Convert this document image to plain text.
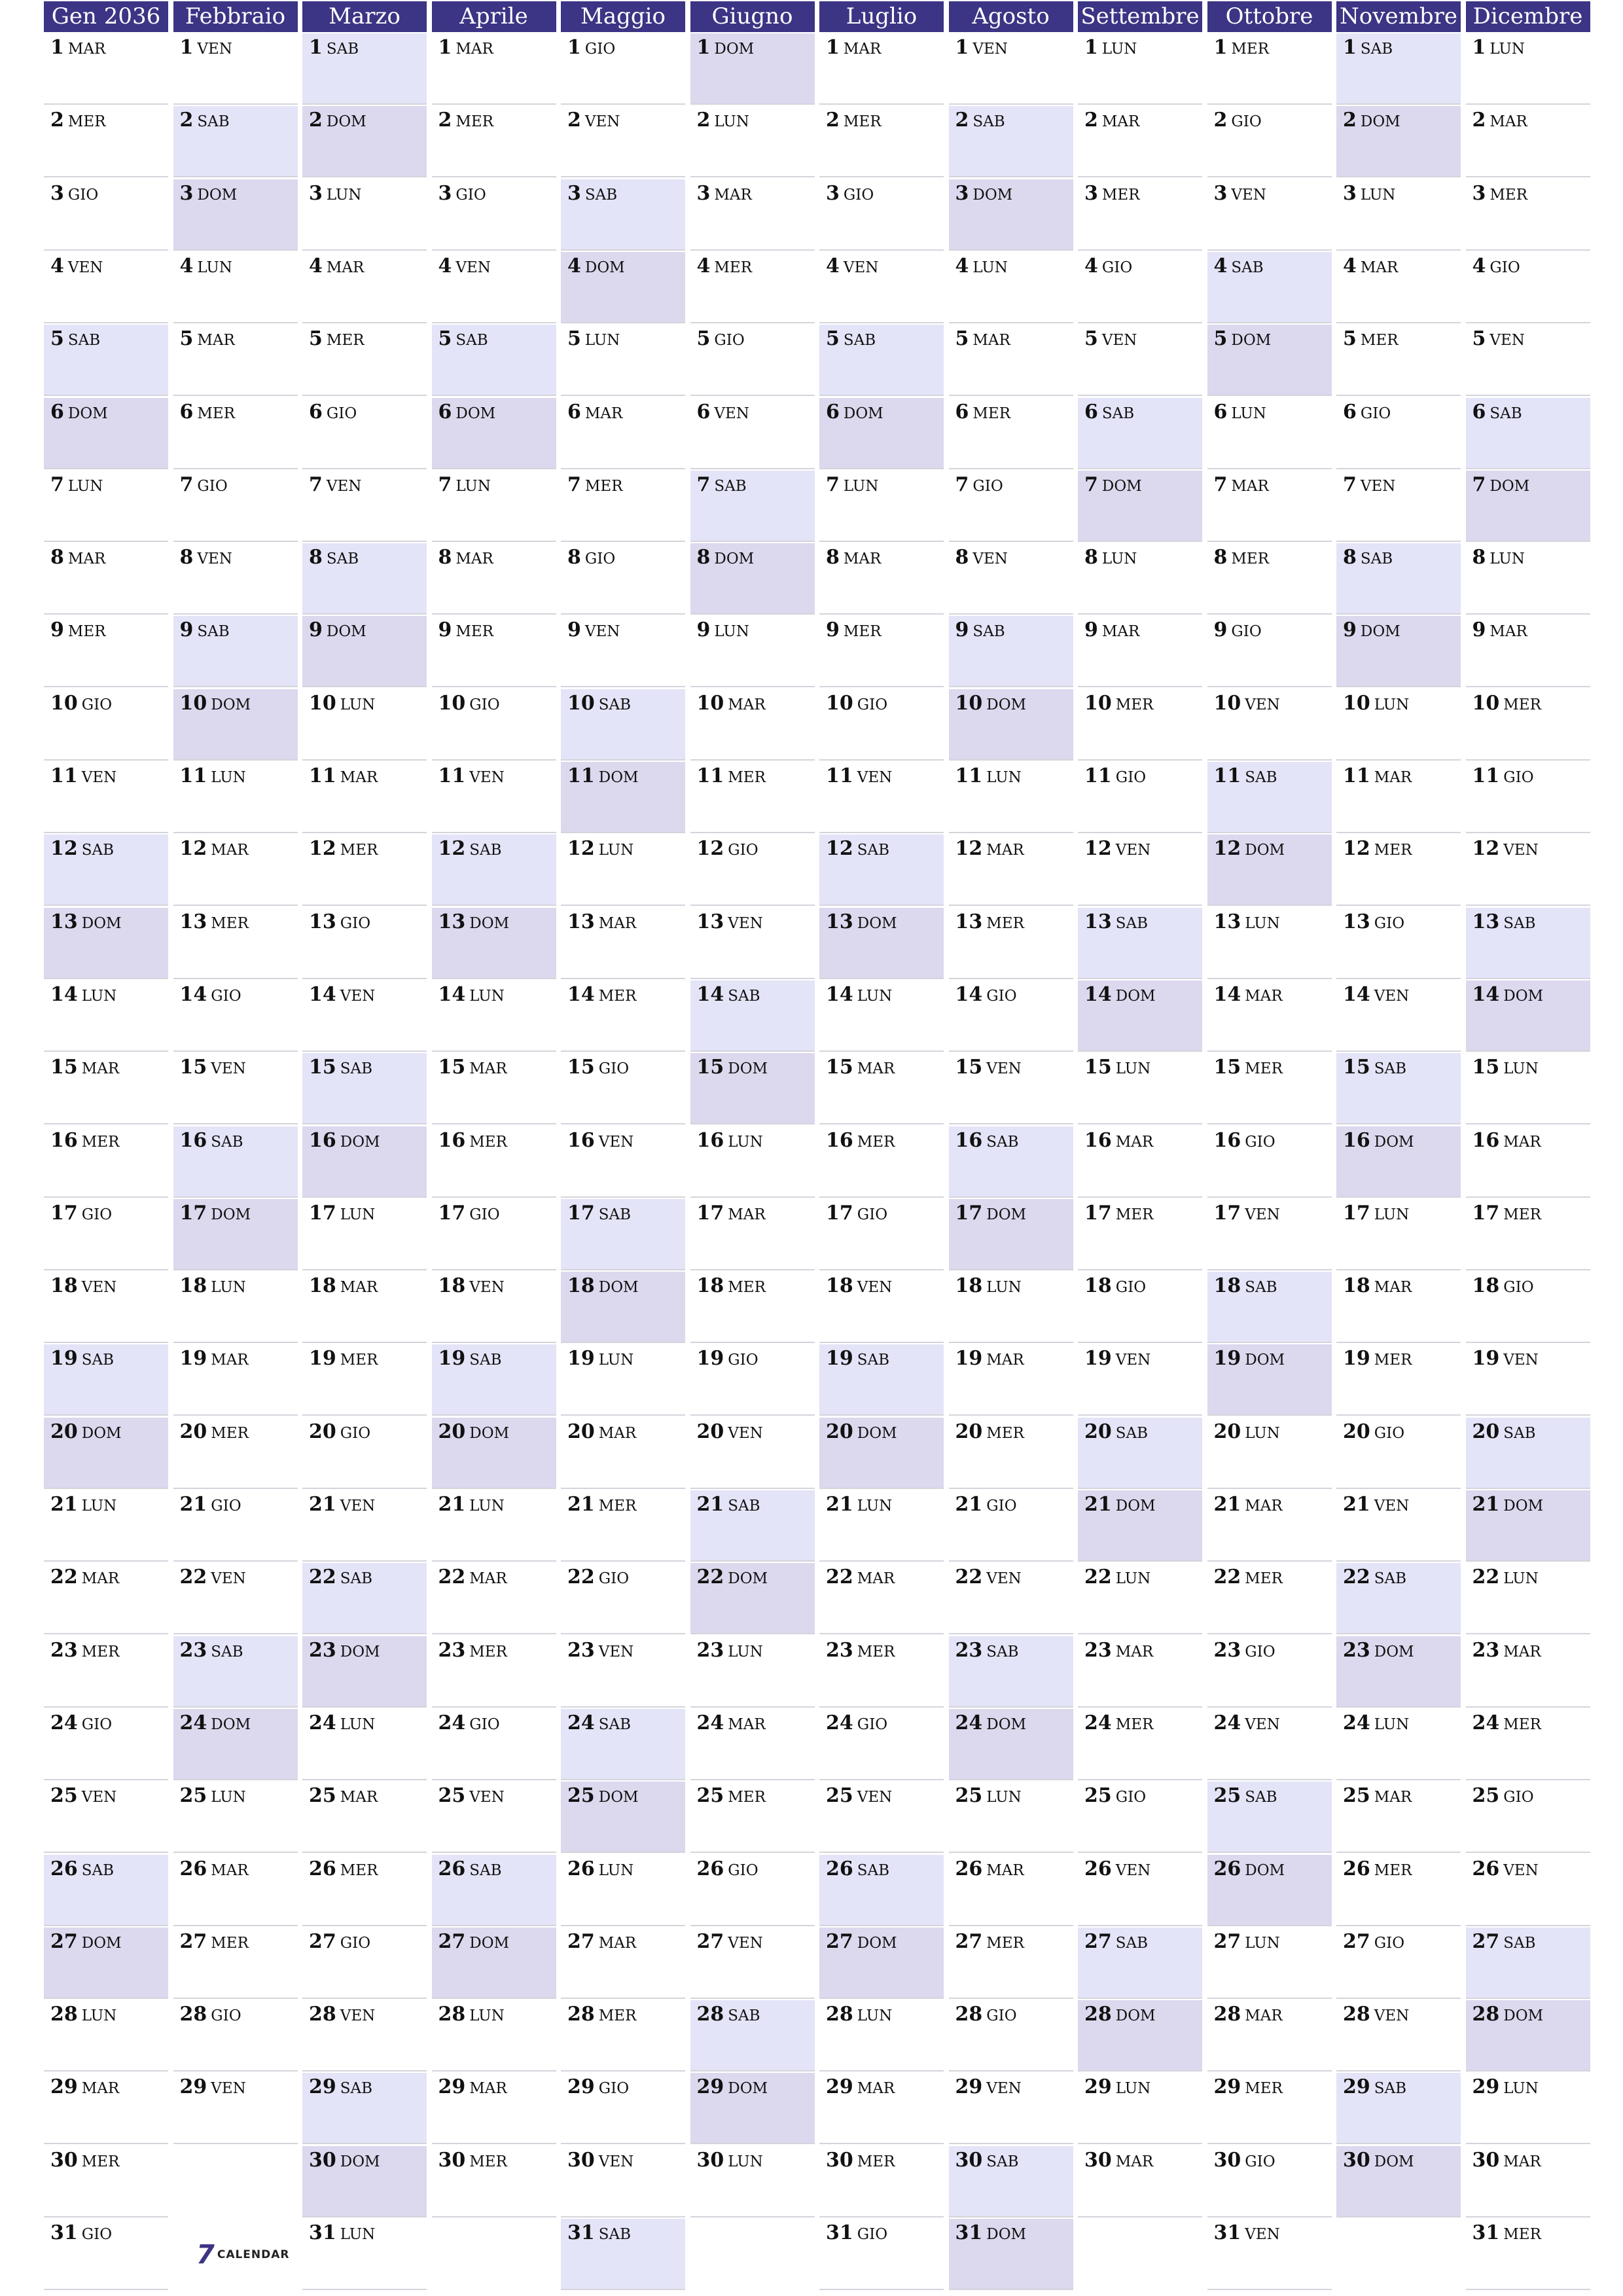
Gen 2036
1 MAR
2 MER
3 GIO
4 VEN
5 SAB
6 DOM
7 LUN
8 MAR
9 MER
10 GIO
11 VEN
12 SAB
13 DOM
14 LUN
15 MAR
16 MER
17 GIO
18 VEN
19 SAB
20 DOM
21 LUN
22 MAR
23 MER
24 GIO
25 VEN
26 SAB
27 DOM
28 LUN
29 MAR
30 MER
31 GIO
Febbraio
1 VEN
2 SAB
3 DOM
4 LUN
5 MAR
6 MER
7 GIO
8 VEN
9 SAB
10 DOM
11 LUN
12 MAR
13 MER
14 GIO
15 VEN
16 SAB
17 DOM
18 LUN
19 MAR
20 MER
21 GIO
22 VEN
23 SAB
24 DOM
25 LUN
26 MAR
27 MER
28 GIO
29 VEN
Marzo
1 SAB
2 DOM
3 LUN
4 MAR
5 MER
6 GIO
7 VEN
8 SAB
9 DOM
10 LUN
11 MAR
12 MER
13 GIO
14 VEN
15 SAB
16 DOM
17 LUN
18 MAR
19 MER
20 GIO
21 VEN
22 SAB
23 DOM
24 LUN
25 MAR
26 MER
27 GIO
28 VEN
29 SAB
30 DOM
31 LUN
Aprile
1 MAR
2 MER
3 GIO
4 VEN
5 SAB
6 DOM
7 LUN
8 MAR
9 MER
10 GIO
11 VEN
12 SAB
13 DOM
14 LUN
15 MAR
16 MER
17 GIO
18 VEN
19 SAB
20 DOM
21 LUN
22 MAR
23 MER
24 GIO
25 VEN
26 SAB
27 DOM
28 LUN
29 MAR
30 MER
Maggio
1 GIO
2 VEN
3 SAB
4 DOM
5 LUN
6 MAR
7 MER
8 GIO
9 VEN
10 SAB
11 DOM
12 LUN
13 MAR
14 MER
15 GIO
16 VEN
17 SAB
18 DOM
19 LUN
20 MAR
21 MER
22 GIO
23 VEN
24 SAB
25 DOM
26 LUN
27 MAR
28 MER
29 GIO
30 VEN
31 SAB
Giugno
1 DOM
2 LUN
3 MAR
4 MER
5 GIO
6 VEN
7 SAB
8 DOM
9 LUN
10 MAR
11 MER
12 GIO
13 VEN
14 SAB
15 DOM
16 LUN
17 MAR
18 MER
19 GIO
20 VEN
21 SAB
22 DOM
23 LUN
24 MAR
25 MER
26 GIO
27 VEN
28 SAB
29 DOM
30 LUN
Luglio
1 MAR
2 MER
3 GIO
4 VEN
5 SAB
6 DOM
7 LUN
8 MAR
9 MER
10 GIO
11 VEN
12 SAB
13 DOM
14 LUN
15 MAR
16 MER
17 GIO
18 VEN
19 SAB
20 DOM
21 LUN
22 MAR
23 MER
24 GIO
25 VEN
26 SAB
27 DOM
28 LUN
29 MAR
30 MER
31 GIO
Agosto
1 VEN
2 SAB
3 DOM
4 LUN
5 MAR
6 MER
7 GIO
8 VEN
9 SAB
10 DOM
11 LUN
12 MAR
13 MER
14 GIO
15 VEN
16 SAB
17 DOM
18 LUN
19 MAR
20 MER
21 GIO
22 VEN
23 SAB
24 DOM
25 LUN
26 MAR
27 MER
28 GIO
29 VEN
30 SAB
31 DOM
Settembre
1 LUN
2 MAR
3 MER
4 GIO
5 VEN
6 SAB
7 DOM
8 LUN
9 MAR
10 MER
11 GIO
12 VEN
13 SAB
14 DOM
15 LUN
16 MAR
17 MER
18 GIO
19 VEN
20 SAB
21 DOM
22 LUN
23 MAR
24 MER
25 GIO
26 VEN
27 SAB
28 DOM
29 LUN
30 MAR
Ottobre
1 MER
2 GIO
3 VEN
4 SAB
5 DOM
6 LUN
7 MAR
8 MER
9 GIO
10 VEN
11 SAB
12 DOM
13 LUN
14 MAR
15 MER
16 GIO
17 VEN
18 SAB
19 DOM
20 LUN
21 MAR
22 MER
23 GIO
24 VEN
25 SAB
26 DOM
27 LUN
28 MAR
29 MER
30 GIO
31 VEN
Novembre
1 SAB
2 DOM
3 LUN
4 MAR
5 MER
6 GIO
7 VEN
8 SAB
9 DOM
10 LUN
11 MAR
12 MER
13 GIO
14 VEN
15 SAB
16 DOM
17 LUN
18 MAR
19 MER
20 GIO
21 VEN
22 SAB
23 DOM
24 LUN
25 MAR
26 MER
27 GIO
28 VEN
29 SAB
30 DOM
Dicembre
1 LUN
2 MAR
3 MER
4 GIO
5 VEN
6 SAB
7 DOM
8 LUN
9 MAR
10 MER
11 GIO
12 VEN
13 SAB
14 DOM
15 LUN
16 MAR
17 MER
18 GIO
19 VEN
20 SAB
21 DOM
22 LUN
23 MAR
24 MER
25 GIO
26 VEN
27 SAB
28 DOM
29 LUN
30 MAR
31 MER
7 CALENDAR
